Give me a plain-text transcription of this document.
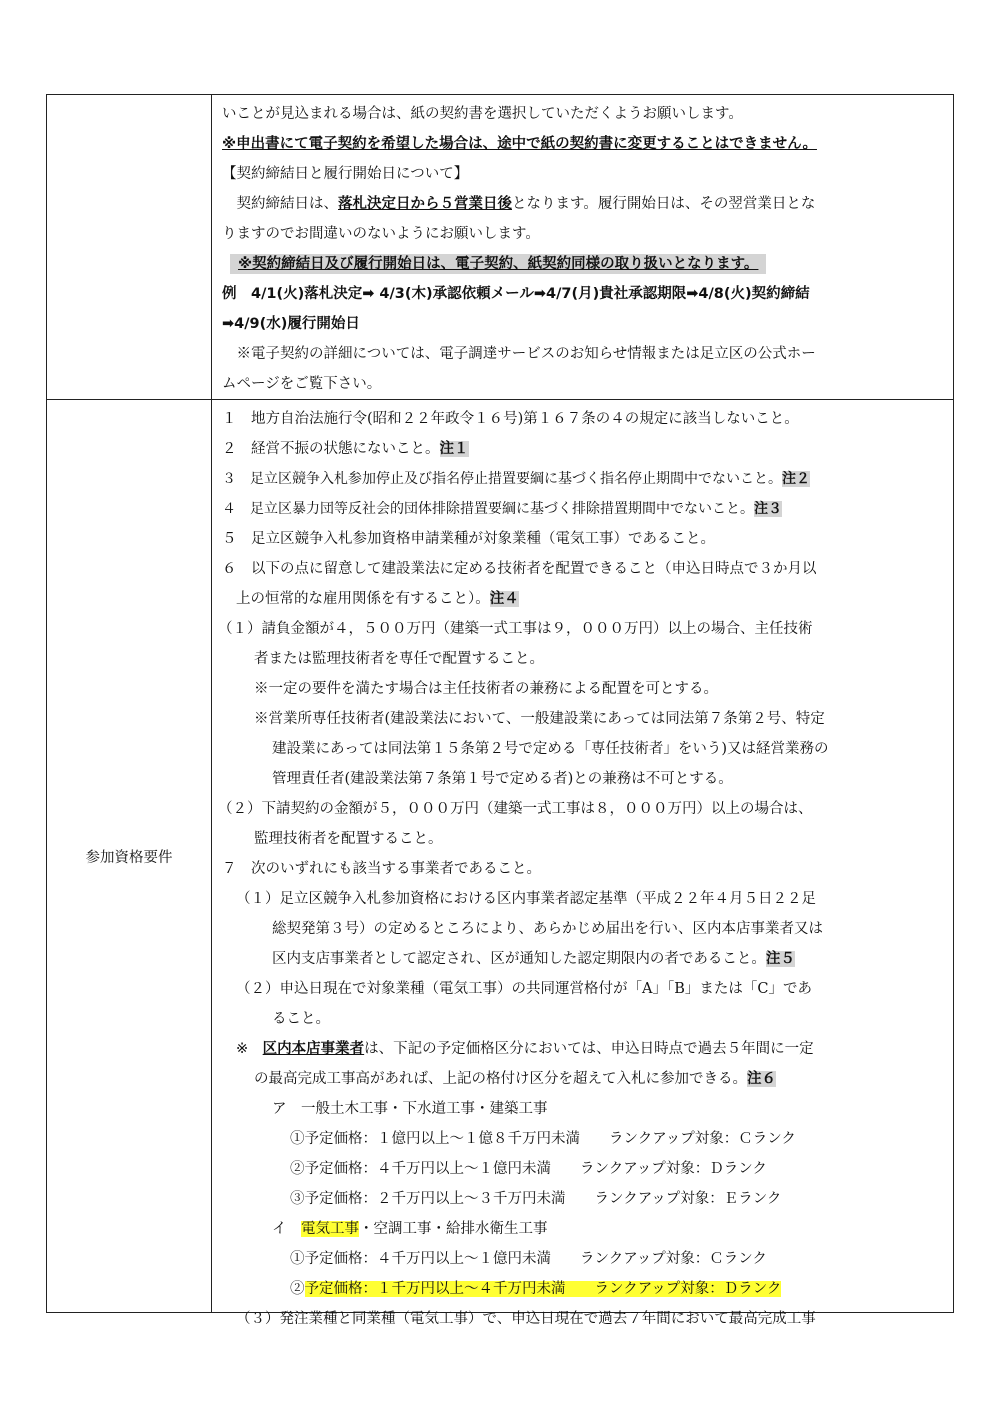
いことが見込まれる場合は、紙の契約書を選択していただくようお願いします。
※申出書にて電子契約を希望した場合は、途中で紙の契約書に変更することはできません。
【契約締結日と履行開始日について】
　契約締結日は、落札決定日から５営業日後となります。履行開始日は、その翌営業日とな
りますのでお間違いのないようにお願いします。
※契約締結日及び履行開始日は、電子契約、紙契約同様の取り扱いとなります。
例　4/1(火)落札決定➡ 4/3(木)承認依頼メール➡4/7(月)貴社承認期限➡4/8(火)契約締結
➡4/9(水)履行開始日
　※電子契約の詳細については、電子調達サービスのお知らせ情報または足立区の公式ホー
ムページをご覧下さい。
参加資格要件
１　地方自治法施行令(昭和２２年政令１６号)第１６７条の４の規定に該当しないこと。
２　経営不振の状態にないこと。注１
３　足立区競争入札参加停止及び指名停止措置要綱に基づく指名停止期間中でないこと。注２
４　足立区暴力団等反社会的団体排除措置要綱に基づく排除措置期間中でないこと。注３
５　足立区競争入札参加資格申請業種が対象業種（電気工事）であること。
６　以下の点に留意して建設業法に定める技術者を配置できること（申込日時点で３か月以
上の恒常的な雇用関係を有すること）。注４
（１）請負金額が４，５００万円（建築一式工事は９，０００万円）以上の場合、主任技術
者または監理技術者を専任で配置すること。
※一定の要件を満たす場合は主任技術者の兼務による配置を可とする。
※営業所専任技術者(建設業法において、一般建設業にあっては同法第７条第２号、特定
建設業にあっては同法第１５条第２号で定める「専任技術者」をいう)又は経営業務の
管理責任者(建設業法第７条第１号で定める者)との兼務は不可とする。
（２）下請契約の金額が５，０００万円（建築一式工事は８，０００万円）以上の場合は、
監理技術者を配置すること。
７　次のいずれにも該当する事業者であること。
（１）足立区競争入札参加資格における区内事業者認定基準（平成２２年４月５日２２足
総契発第３号）の定めるところにより、あらかじめ届出を行い、区内本店事業者又は
区内支店事業者として認定され、区が通知した認定期限内の者であること。注５
（２）申込日現在で対象業種（電気工事）の共同運営格付が「A」「B」または「C」であ
ること。
※　区内本店事業者は、下記の予定価格区分においては、申込日時点で過去５年間に一定
の最高完成工事高があれば、上記の格付け区分を超えて入札に参加できる。注６
ア　一般土木工事・下水道工事・建築工事
①予定価格：１億円以上～１億８千万円未満　　ランクアップ対象：Ｃランク
②予定価格：４千万円以上～１億円未満　　ランクアップ対象：Ｄランク
③予定価格：２千万円以上～３千万円未満　　ランクアップ対象：Ｅランク
イ　電気工事・空調工事・給排水衛生工事
①予定価格：４千万円以上～１億円未満　　ランクアップ対象：Ｃランク
②予定価格：１千万円以上～４千万円未満　　ランクアップ対象：Ｄランク
（３）発注業種と同業種（電気工事）で、申込日現在で過去７年間において最高完成工事
